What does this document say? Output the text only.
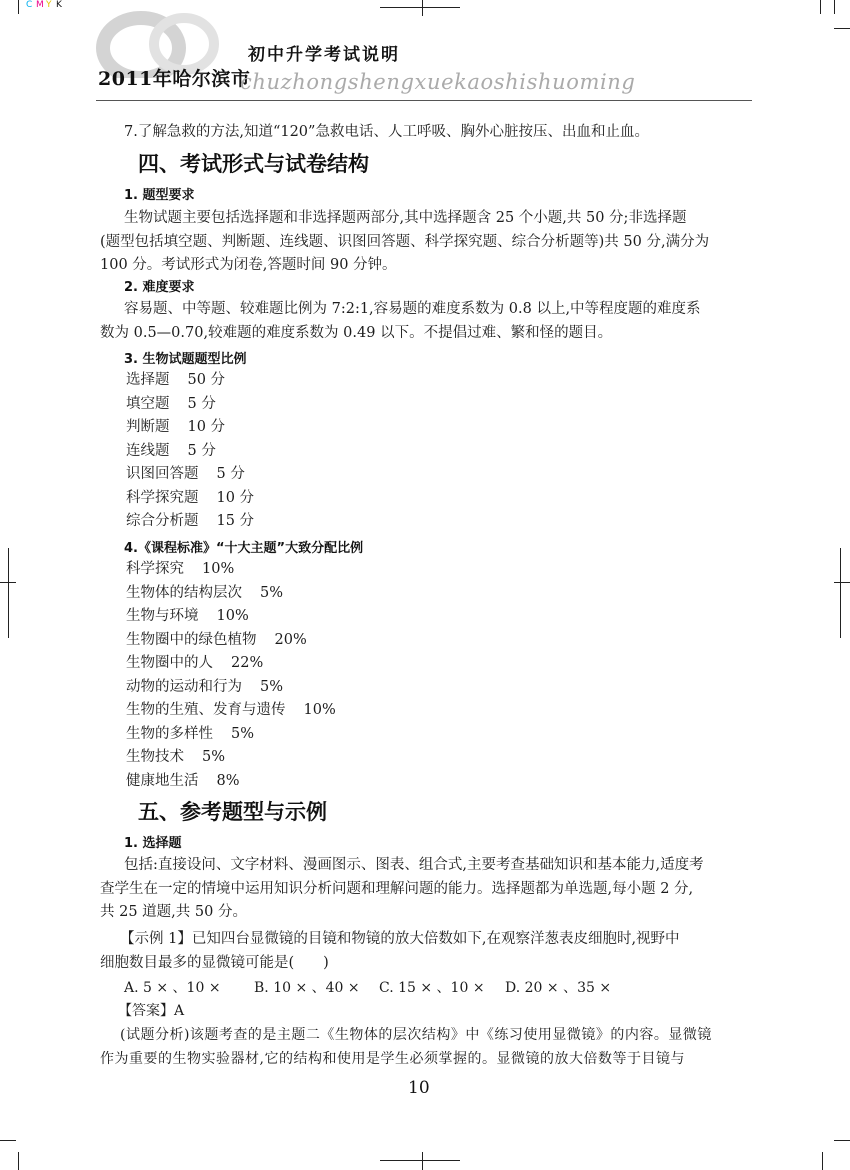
C MY K
2011年哈尔滨市
初中升学考试说明
chuzhongshengxuekaoshishuoming
7.了解急救的方法,知道“120”急救电话、人工呼吸、胸外心脏按压、出血和止血。
四、考试形式与试卷结构
1. 题型要求
生物试题主要包括选择题和非选择题两部分,其中选择题含 25 个小题,共 50 分;非选择题
(题型包括填空题、判断题、连线题、识图回答题、科学探究题、综合分析题等)共 50 分,满分为
100 分。考试形式为闭卷,答题时间 90 分钟。
2. 难度要求
容易题、中等题、较难题比例为 7:2:1,容易题的难度系数为 0.8 以上,中等程度题的难度系
数为 0.5—0.70,较难题的难度系数为 0.49 以下。不提倡过难、繁和怪的题目。
3. 生物试题题型比例
选择题 50 分
填空题 5 分
判断题 10 分
连线题 5 分
识图回答题 5 分
科学探究题 10 分
综合分析题 15 分
4.《课程标准》“十大主题”大致分配比例
科学探究 10%
生物体的结构层次 5%
生物与环境 10%
生物圈中的绿色植物 20%
生物圈中的人 22%
动物的运动和行为 5%
生物的生殖、发育与遗传 10%
生物的多样性 5%
生物技术 5%
健康地生活 8%
五、参考题型与示例
1. 选择题
包括:直接设问、文字材料、漫画图示、图表、组合式,主要考查基础知识和基本能力,适度考
查学生在一定的情境中运用知识分析问题和理解问题的能力。选择题都为单选题,每小题 2 分,
共 25 道题,共 50 分。
【示例 1】已知四台显微镜的目镜和物镜的放大倍数如下,在观察洋葱表皮细胞时,视野中
细胞数目最多的显微镜可能是(　　)
A. 5 × 、10 × B. 10 × 、40 × C. 15 × 、10 × D. 20 × 、35 ×
【答案】A
(试题分析)该题考查的是主题二《生物体的层次结构》中《练习使用显微镜》的内容。显微镜
作为重要的生物实验器材,它的结构和使用是学生必须掌握的。显微镜的放大倍数等于目镜与
10
